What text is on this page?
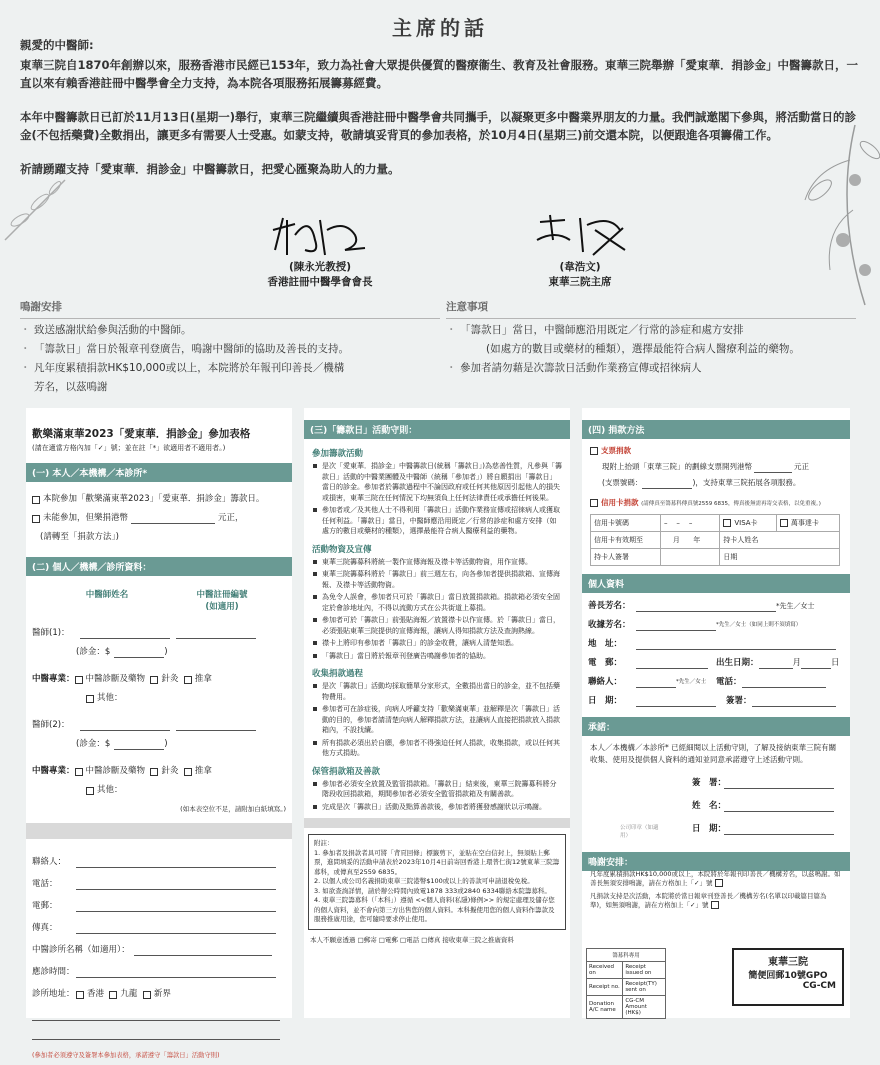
主席的話

親愛的中醫師:

東華三院自1870年創辦以來，服務香港市民經已153年，致力為社會大眾提供優質的醫療衞生、教育及社會服務。東華三院舉辦「愛東華．捐診金」中醫籌款日，一直以來有賴香港註冊中醫學會全力支持，為本院各項服務拓展籌募經費。

本年中醫籌款日已訂於11月13日(星期一)舉行，東華三院繼續與香港註冊中醫學會共同攜手，以凝聚更多中醫業界朋友的力量。我們誠邀閣下參與，將活動當日的診金(不包括藥費)全數捐出，讓更多有需要人士受惠。如蒙支持，敬請填妥背頁的參加表格，於10月4日(星期三)前交還本院，以便跟進各項籌備工作。

祈請踴躍支持「愛東華．捐診金」中醫籌款日，把愛心匯聚為助人的力量。

(陳永光教授)
香港註冊中醫學會會長
(韋浩文)
東華三院主席
鳴謝安排
・ 致送感謝狀給參與活動的中醫師。
・ 「籌款日」當日於報章刊登廣告，鳴謝中醫師的協助及善長的支持。
・ 凡年度累積捐款HK$10,000或以上，本院將於年報刊印善長／機構
芳名，以茲鳴謝
注意事項
・ 「籌款日」當日，中醫師應沿用既定／行常的診症和處方安排
(如處方的數目或藥材的種類），選擇最能符合病人醫療利益的藥物。
・ 參加者請勿藉是次籌款日活動作業務宣傳或招徠病人
歡樂滿東華2023「愛東華．捐診金」參加表格
(請在適當方格內加「✓」號；並在註「*」欲適用者不適用者。)
(一) 本人／本機構／本診所*
本院參加「歡樂滿東華2023」「愛東華．捐診金」籌款日。
未能參加，但樂捐港幣	元正，
(請轉至「捐款方法」)
(二) 個人／機構／診所資料：
中醫師姓名	中醫註冊編號
(如適用)
醫師(1)：
(診金：$	)
中醫專業： 中醫診斷及藥物
針灸
推拿
其他：
醫師(2)：
(診金：$	)
中醫專業： 中醫診斷及藥物
針灸
推拿
其他：
(如本表空位不足，請附加白紙填寫。)
聯絡人：
電話：
電郵：
傳真：
中醫診所名稱（如適用）：
應診時間：
診所地址： 香港
九龍
新界
(參加者必須遵守及簽署本參加表格，承諾遵守「籌款日」活動守則)
(三)「籌款日」活動守則：
參加籌款活動
是次「愛東華．捐診金」中醫籌款日(統稱「籌款日」)為慈善性質，凡參與「籌款日」活動的中醫業團體及中醫師（統稱「參加者」）將自願捐出「籌款日」當日的診金。參加者於籌款過程中不論因政府或任何其他原因引起他人的損失或損害，東華三院在任何情況下均無須負上任何法律責任或承擔任何後果。
參加者或／及其他人士不得利用「籌款日」活動作業務宣傳或招徠病人或獲取任何利益。「籌款日」當日，中醫師應沿用既定／行常的診症和處方安排（如處方的數目或藥材的種類），選擇最能符合病人醫療利益的藥物。
活動物資及宣傳
東華三院籌募科將統一製作宣傳海報及襟卡等活動物資，用作宣傳。
東華三院籌募科將於「籌款日」前三週左右，向各參加者提供捐款箱、宣傳海報、及襟卡等活動物資。
為免令人誤會，參加者只可於「籌款日」當日放置捐款箱。捐款箱必須安全固定於會診地址內，不得以流動方式在公共街道上募捐。
參加者可於「籌款日」前張貼海報／放置襟卡以作宣傳。於「籌款日」當日，必須張貼東華三院提供的宣傳海報，讓病人得知捐款方法及查詢熱線。
襟卡上將印有參加者「籌款日」的診金收費，讓病人清楚知悉。
「籌款日」當日將於報章刊登廣告鳴謝參加者的協助。
收集捐款過程
是次「籌款日」活動均採取簡單分家形式，全數捐出當日的診金，並不包括藥物費用。
參加者可在診症後，向病人呼籲支持「歡樂滿東華」並解釋是次「籌款日」活動的目的，參加者請清楚向病人解釋捐款方法，並讓病人直接把捐款放入捐款箱內，不設找續。
所有捐款必須出於自願，參加者不得強迫任何人捐款，收集捐款，或以任何其他方式捐助。
保管捐款箱及善款
參加者必須安全放置及監管捐款箱。「籌款日」結束後，東華三院籌募科將分階段收回捐款箱，期間參加者必須安全監管捐款箱及有關善款。
完成是次「籌款日」活動及點算善款後，參加者將獲發感謝狀以示鳴謝。
附註：
1. 參加者及捐款者具可將「背頁回條」標籤剪下，並貼在空白信封上，無須貼上郵票，進問填妥的活動申請表於2023年10月4日前寄回香港上環普仁街12號東華三院籌募科，或傳真至2559 6835。
2. 以個人或公司名義捐助東華三院港幣$100或以上的善款可申請退稅免稅。
3. 如欲查詢詳情，請於辦公時間內致電1878 333或2840 6334聯絡本院籌募科。
4. 東華三院籌募科（「本科」）遵循 <<個人資料(私隱)條例>> 的規定處理及儲存您的個人資料，並不會向第三方出售您的個人資料。本科擬使用您的個人資料作籌款及服務推廣用途，您可隨時要求停止使用。
本人不願意透過 □郵寄 □電郵 □電話 □傳真 接收東華三院之推廣資料
(四) 捐款方法
支票捐款
現附上抬頭「東華三院」的劃線支票開列港幣	元正
(支票號碼：	)，支持東華三院拓展各項服務。
信用卡捐款 (請傳真至籌募科傳真號2559 6835，傳真後無需再寄交表格，以免重複。)
信用卡號碼	– – –	VISA卡	萬事達卡
信用卡有效期至	月 年	持卡人姓名	
持卡人簽署		日期	
個人資料
善長芳名：	*先生／女士
收據芳名：	*先生／女士（如同上則不須填寫）
地　址：
電　郵：	出生日期：	月	日
聯絡人：	*先生／女士	電話：
日　期：	簽署：
承諾：
本人／本機構／本診所* 已經細閱以上活動守則，了解及接納東華三院有關收集、使用及提供個人資料的通知並同意承諾遵守上述活動守則。
簽　署：
姓　名：
日　期：
公司印章（如適用）
鳴謝安排：
凡年度累積捐款HK$10,000或以上，本院將於年報刊印善長／機構芳名，以茲鳴謝。如善長無須安排鳴謝，請在方格加上「✓」號
凡捐款支持是次活動，本院將於當日報章刊登善長／機構芳名(名單以印載篇目篇為準)，如無須鳴謝，請在方格加上「✓」號
籌募科專用	
Received on	Receipt issued on
Receipt no.	Receipt(TY) sent on
Donation A/C name	CG-CM Amount (HK$)
東華三院
簡便回郵10號GPO
CG-CM
